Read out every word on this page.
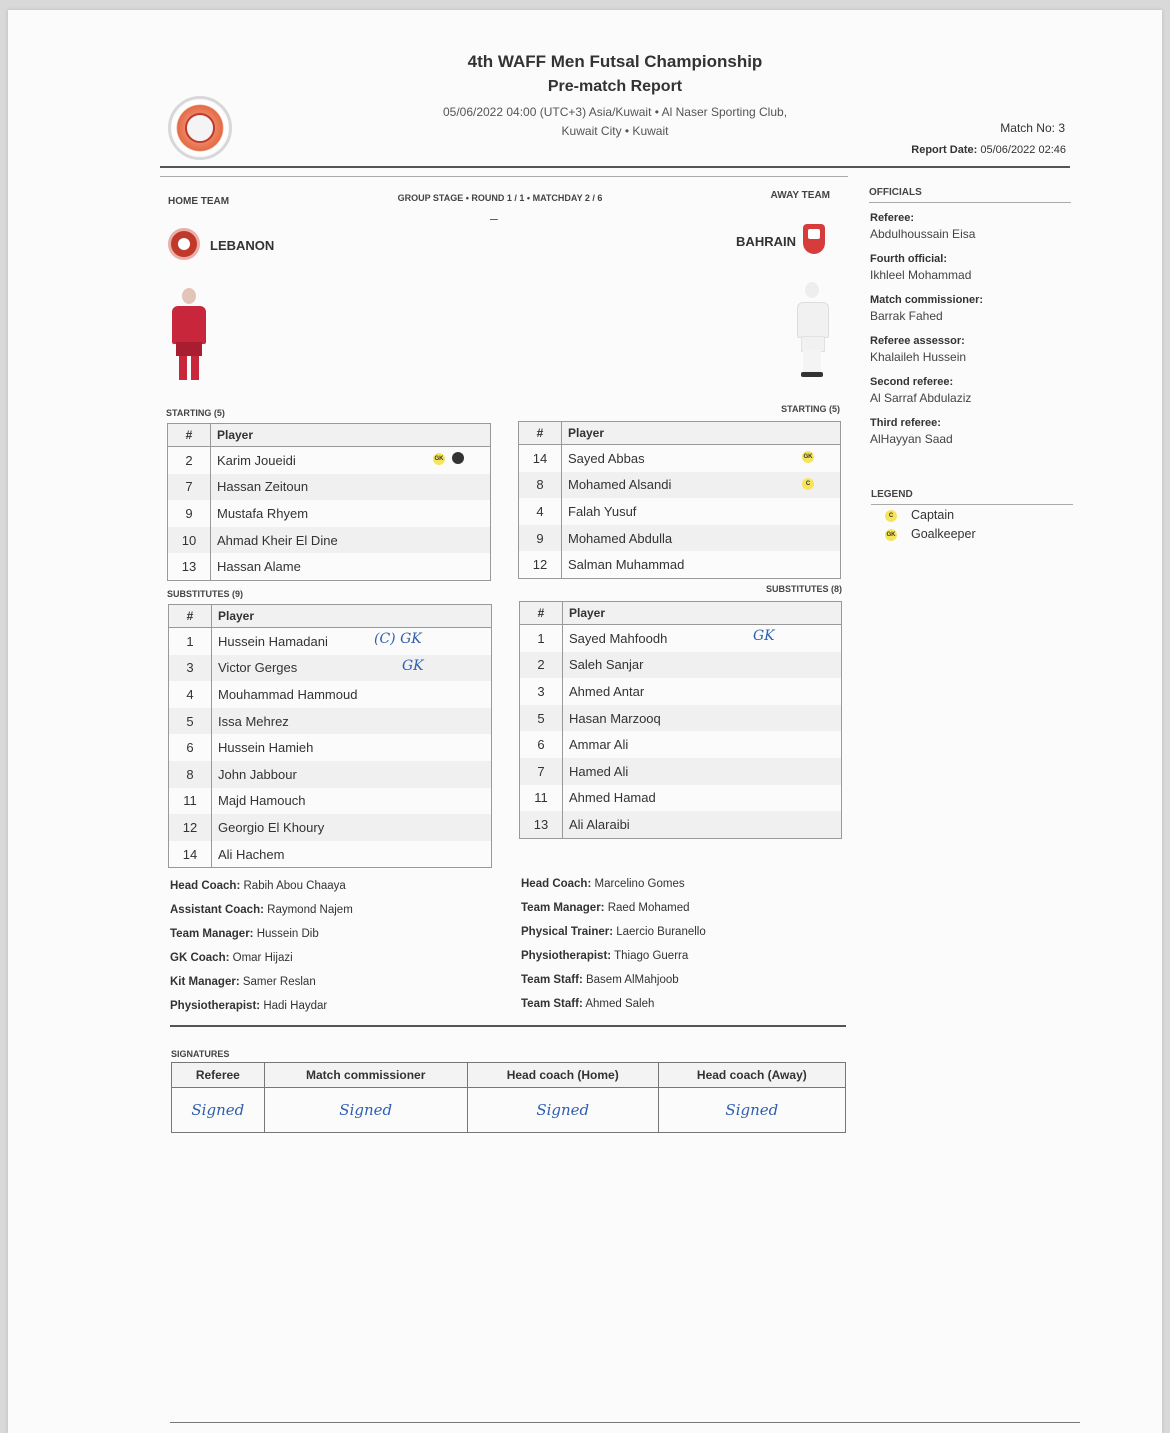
4th WAFF Men Futsal Championship
Pre-match Report
05/06/2022 04:00 (UTC+3) Asia/Kuwait • Al Naser Sporting Club,
Kuwait City • Kuwait	Match No: 3
Report Date: 05/06/2022 02:46
HOME TEAM	GROUP STAGE • ROUND 1 / 1 • MATCHDAY 2 / 6
–
AWAY TEAM
LEBANON	BAHRAIN
STARTING (5)	STARTING (5)
#	Player
2	Karim Joueidi GK

7	Hassan Zeitoun
9	Mustafa Rhyem
10	Ahmad Kheir El Dine
13	Hassan Alame
#	Player
14	Sayed Abbas GK

8	Mohamed Alsandi C

4	Falah Yusuf
9	Mohamed Abdulla
12	Salman Muhammad
SUBSTITUTES (9)	SUBSTITUTES (8)
#	Player
1	Hussein Hamadani (C) GK

3	Victor Gerges GK

4	Mouhammad Hammoud
5	Issa Mehrez
6	Hussein Hamieh
8	John Jabbour
11	Majd Hamouch
12	Georgio El Khoury
14	Ali Hachem
#	Player
1	Sayed Mahfoodh GK

2	Saleh Sanjar
3	Ahmed Antar
5	Hasan Marzooq
6	Ammar Ali
7	Hamed Ali
11	Ahmed Hamad
13	Ali Alaraibi
Head Coach: Rabih Abou Chaaya
Assistant Coach: Raymond Najem
Team Manager: Hussein Dib
GK Coach: Omar Hijazi
Kit Manager: Samer Reslan
Physiotherapist: Hadi Haydar
Head Coach: Marcelino Gomes
Team Manager: Raed Mohamed
Physical Trainer: Laercio Buranello
Physiotherapist: Thiago Guerra
Team Staff: Basem AlMahjoob
Team Staff: Ahmed Saleh
OFFICIALS
Referee:
Abdulhoussain Eisa
Fourth official:
Ikhleel Mohammad
Match commissioner:
Barrak Fahed
Referee assessor:
Khalaileh Hussein
Second referee:
Al Sarraf Abdulaziz
Third referee:
AlHayyan Saad
LEGEND
C Captain
GK Goalkeeper
SIGNATURES
Referee	Match commissioner	Head coach (Home)	Head coach (Away)
Signed	Signed	Signed	Signed
